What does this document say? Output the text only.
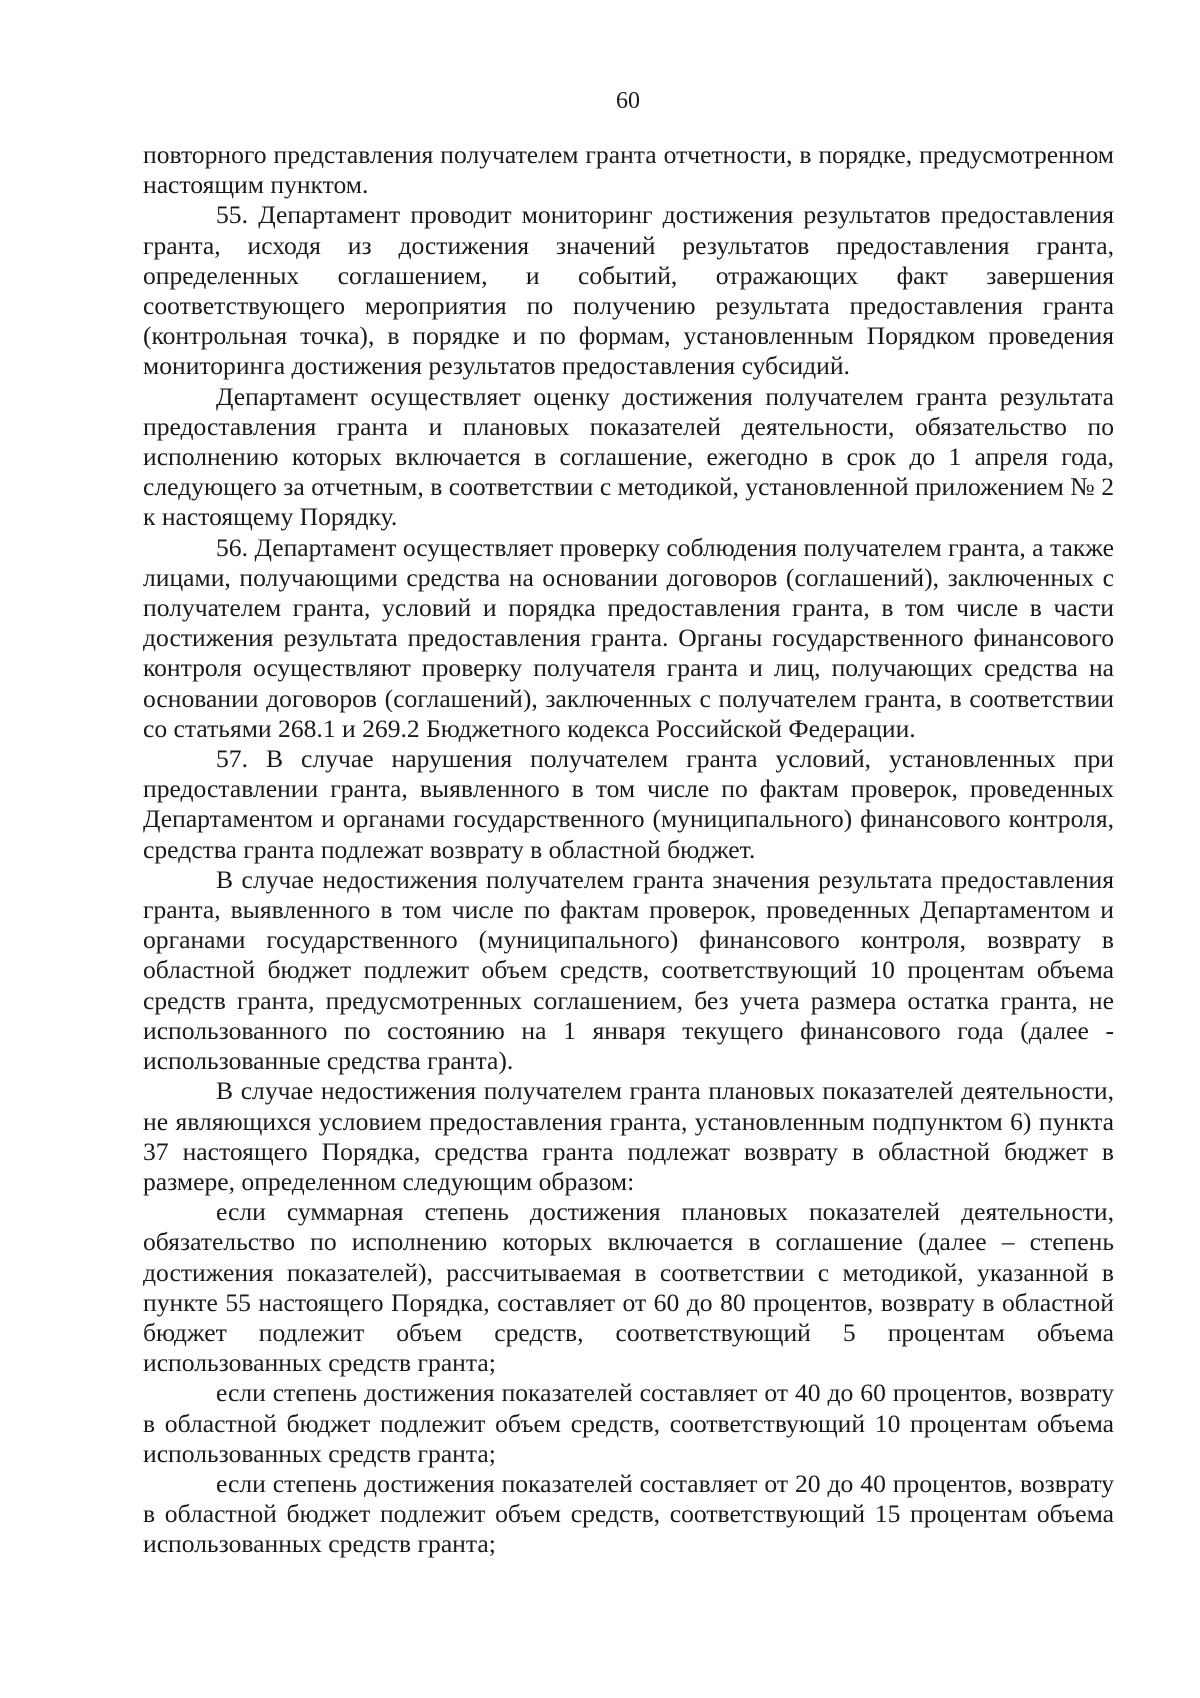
60

повторного представления получателем гранта отчетности, в порядке, предусмотренном настоящим пунктом.

55. Департамент проводит мониторинг достижения результатов предоставления гранта, исходя из достижения значений результатов предоставления гранта, определенных соглашением, и событий, отражающих факт завершения соответствующего мероприятия по получению результата предоставления гранта (контрольная точка), в порядке и по формам, установленным Порядком проведения мониторинга достижения результатов предоставления субсидий.

Департамент осуществляет оценку достижения получателем гранта результата предоставления гранта и плановых показателей деятельности, обязательство по исполнению которых включается в соглашение, ежегодно в срок до 1 апреля года, следующего за отчетным, в соответствии с методикой, установленной приложением № 2 к настоящему Порядку.

56. Департамент осуществляет проверку соблюдения получателем гранта, а также лицами, получающими средства на основании договоров (соглашений), заключенных с получателем гранта, условий и порядка предоставления гранта, в том числе в части достижения результата предоставления гранта. Органы государственного финансового контроля осуществляют проверку получателя гранта и лиц, получающих средства на основании договоров (соглашений), заключенных с получателем гранта, в соответствии со статьями 268.1 и 269.2 Бюджетного кодекса Российской Федерации.

57. В случае нарушения получателем гранта условий, установленных при предоставлении гранта, выявленного в том числе по фактам проверок, проведенных Департаментом и органами государственного (муниципального) финансового контроля, средства гранта подлежат возврату в областной бюджет.

В случае недостижения получателем гранта значения результата предоставления гранта, выявленного в том числе по фактам проверок, проведенных Департаментом и органами государственного (муниципального) финансового контроля, возврату в областной бюджет подлежит объем средств, соответствующий 10 процентам объема средств гранта, предусмотренных соглашением, без учета размера остатка гранта, не использованного по состоянию на 1 января текущего финансового года (далее - использованные средства гранта).

В случае недостижения получателем гранта плановых показателей деятельности, не являющихся условием предоставления гранта, установленным подпунктом 6) пункта 37 настоящего Порядка, средства гранта подлежат возврату в областной бюджет в размере, определенном следующим образом:

если суммарная степень достижения плановых показателей деятельности, обязательство по исполнению которых включается в соглашение (далее – степень достижения показателей), рассчитываемая в соответствии с методикой, указанной в пункте 55 настоящего Порядка, составляет от 60 до 80 процентов, возврату в областной бюджет подлежит объем средств, соответствующий 5 процентам объема использованных средств гранта;

если степень достижения показателей составляет от 40 до 60 процентов, возврату в областной бюджет подлежит объем средств, соответствующий 10 процентам объема использованных средств гранта;

если степень достижения показателей составляет от 20 до 40 процентов, возврату в областной бюджет подлежит объем средств, соответствующий 15 процентам объема использованных средств гранта;
